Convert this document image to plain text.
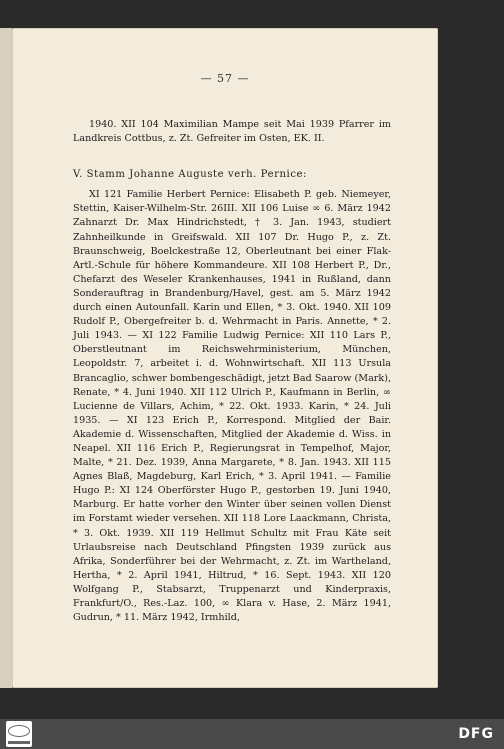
— 57 —

1940. XII 104 Maximilian Mampe seit Mai 1939 Pfarrer im Landkreis Cottbus, z. Zt. Gefreiter im Osten, EK. II.

V. Stamm Johanne Auguste verh. Pernice:

XI 121 Familie Herbert Pernice: Elisabeth P. geb. Niemeyer, Stettin, Kaiser-Wilhelm-Str. 26III. XII 106 Luise ∞ 6. März 1942 Zahnarzt Dr. Max Hindrichstedt, † 3. Jan. 1943, studiert Zahnheilkunde in Greifswald. XII 107 Dr. Hugo P., z. Zt. Braunschweig, Boelckestraße 12, Oberleutnant bei einer Flak-Artl.-Schule für höhere Kommandeure. XII 108 Herbert P., Dr., Chefarzt des Weseler Krankenhauses, 1941 in Rußland, dann Sonderauftrag in Brandenburg/Havel, gest. am 5. März 1942 durch einen Autounfall. Karin und Ellen, * 3. Okt. 1940. XII 109 Rudolf P., Obergefreiter b. d. Wehrmacht in Paris. Annette, * 2. Juli 1943. — XI 122 Familie Ludwig Pernice: XII 110 Lars P., Oberstleutnant im Reichswehrministerium, München, Leopoldstr. 7, arbeitet i. d. Wohnwirtschaft. XII 113 Ursula Brancaglio, schwer bombengeschädigt, jetzt Bad Saarow (Mark), Renate, * 4. Juni 1940. XII 112 Ulrich P., Kaufmann in Berlin, ∞ Lucienne de Villars, Achim, * 22. Okt. 1933. Karin, * 24. Juli 1935. — XI 123 Erich P., Korrespond. Mitglied der Bair. Akademie d. Wissenschaften, Mitglied der Akademie d. Wiss. in Neapel. XII 116 Erich P., Regierungsrat in Tempelhof, Major, Malte, * 21. Dez. 1939, Anna Margarete, * 8. Jan. 1943. XII 115 Agnes Blaß, Magdeburg, Karl Erich, * 3. April 1941. — Familie Hugo P.: XI 124 Oberförster Hugo P., gestorben 19. Juni 1940, Marburg. Er hatte vorher den Winter über seinen vollen Dienst im Forstamt wieder versehen. XII 118 Lore Laackmann, Christa, * 3. Okt. 1939. XII 119 Hellmut Schultz mit Frau Käte seit Urlaubsreise nach Deutschland Pfingsten 1939 zurück aus Afrika, Sonderführer bei der Wehrmacht, z. Zt. im Wartheland, Hertha, * 2. April 1941, Hiltrud, * 16. Sept. 1943. XII 120 Wolfgang P., Stabsarzt, Truppenarzt und Kinderpraxis, Frankfurt/O., Res.-Laz. 100, ∞ Klara v. Hase, 2. März 1941, Gudrun, * 11. März 1942, Irmhild,

DFG
